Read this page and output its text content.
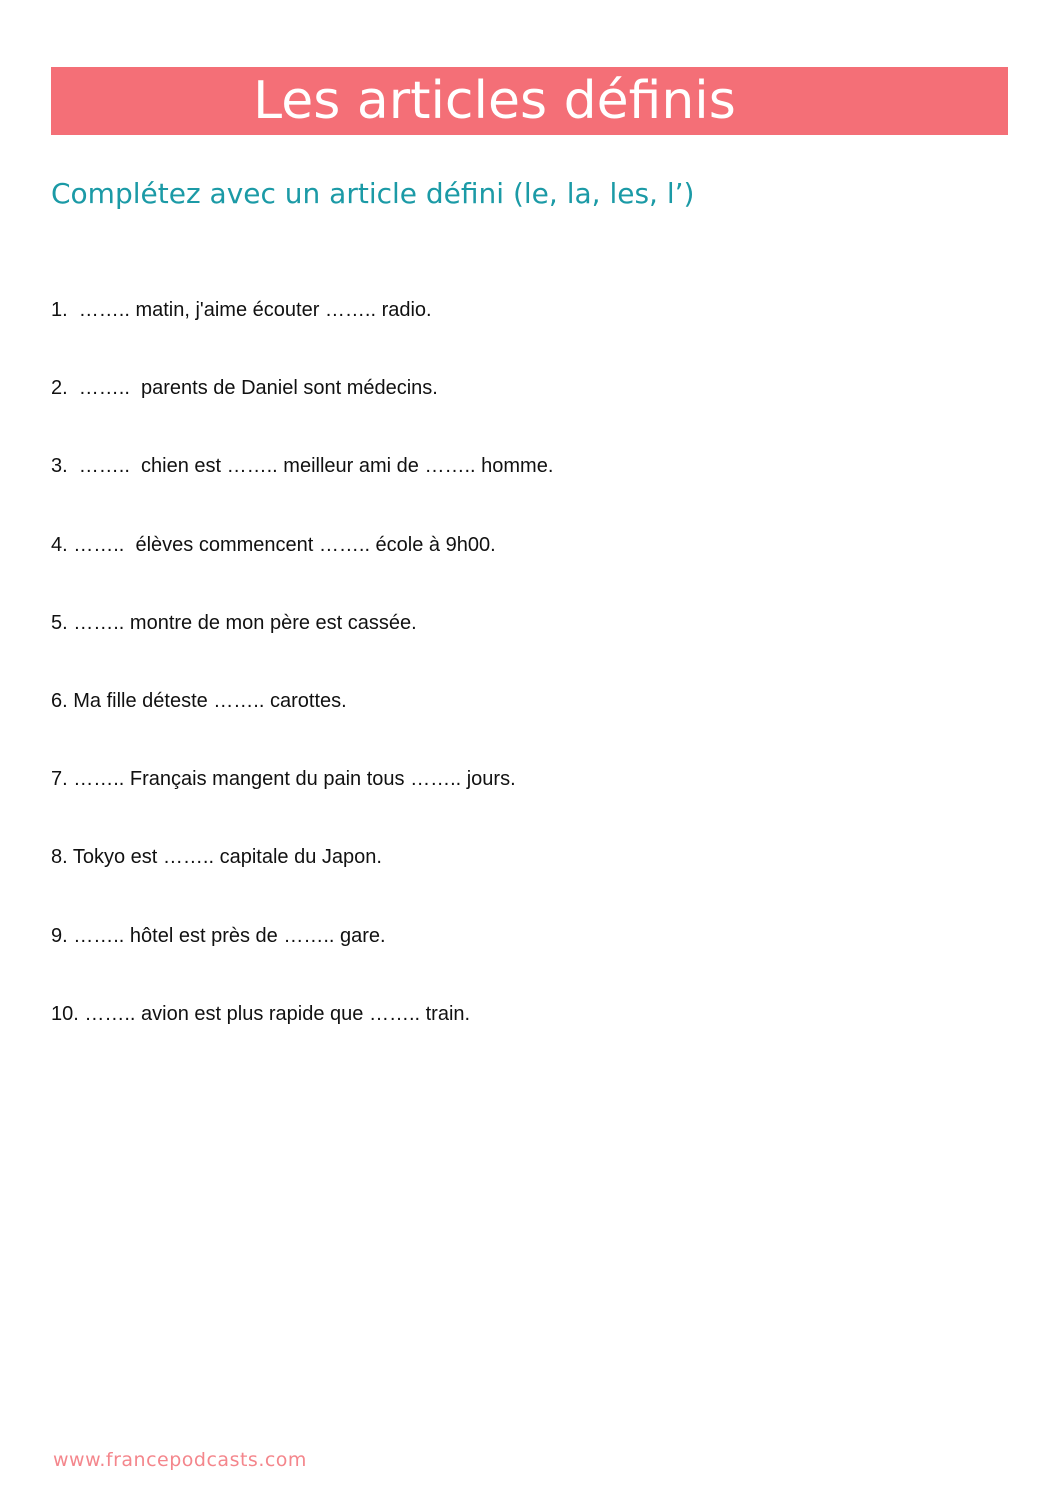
Les articles définis
Complétez avec un article défini (le, la, les, l’)
1.  …….. matin, j'aime écouter …….. radio.
2.  ……..  parents de Daniel sont médecins.
3.  ……..  chien est …….. meilleur ami de …….. homme.
4. ……..  élèves commencent …….. école à 9h00.
5. …….. montre de mon père est cassée.
6. Ma fille déteste …….. carottes.
7. …….. Français mangent du pain tous …….. jours.
8. Tokyo est …….. capitale du Japon.
9. …….. hôtel est près de …….. gare.
10. …….. avion est plus rapide que …….. train.
www.francepodcasts.com
